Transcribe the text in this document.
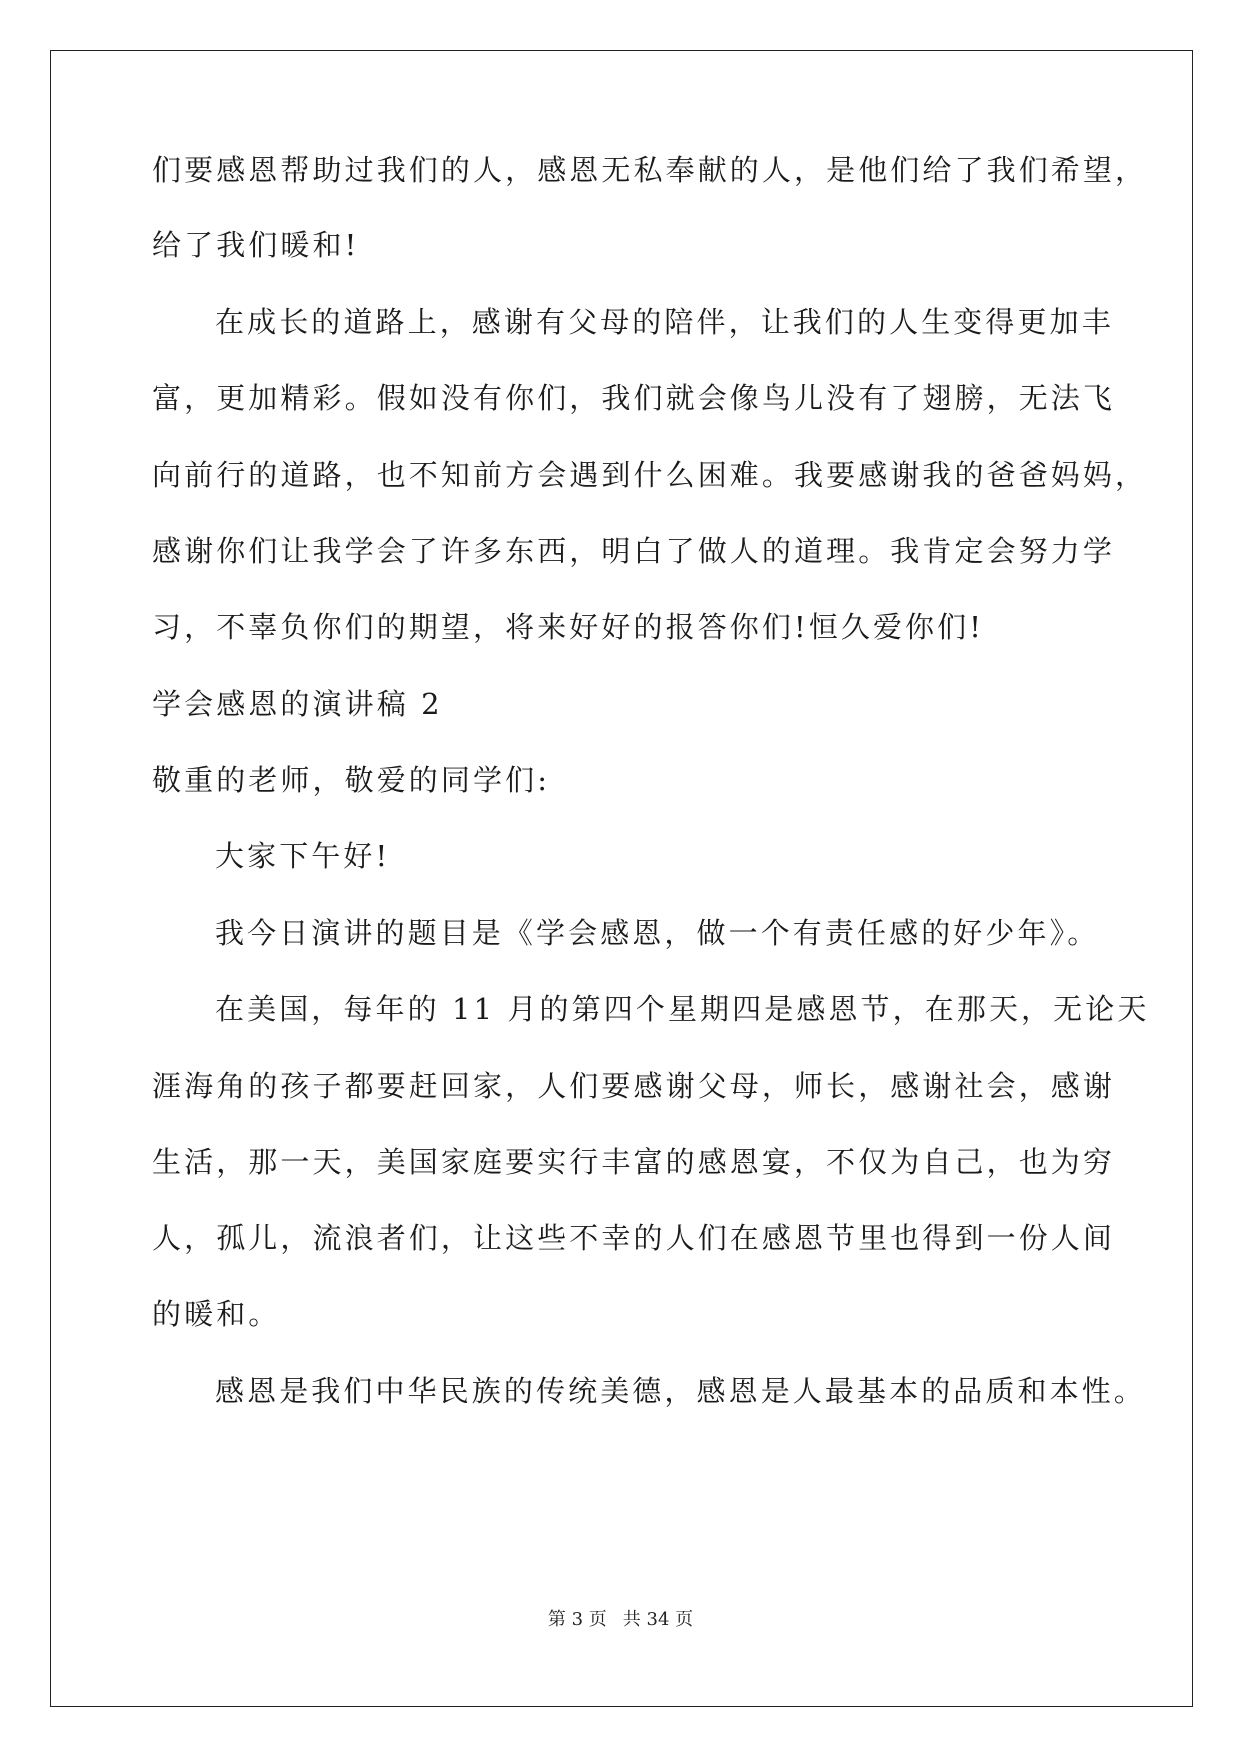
们要感恩帮助过我们的人，感恩无私奉献的人，是他们给了我们希望，
给了我们暖和!
在成长的道路上，感谢有父母的陪伴，让我们的人生变得更加丰
富，更加精彩。假如没有你们，我们就会像鸟儿没有了翅膀，无法飞
向前行的道路，也不知前方会遇到什么困难。我要感谢我的爸爸妈妈，
感谢你们让我学会了许多东西，明白了做人的道理。我肯定会努力学
习，不辜负你们的期望，将来好好的报答你们!恒久爱你们!
学会感恩的演讲稿 2
敬重的老师，敬爱的同学们:
大家下午好!
我今日演讲的题目是《学会感恩，做一个有责任感的好少年》。
在美国，每年的 11 月的第四个星期四是感恩节，在那天，无论天
涯海角的孩子都要赶回家，人们要感谢父母，师长，感谢社会，感谢
生活，那一天，美国家庭要实行丰富的感恩宴，不仅为自己，也为穷
人，孤儿，流浪者们，让这些不幸的人们在感恩节里也得到一份人间
的暖和。
感恩是我们中华民族的传统美德，感恩是人最基本的品质和本性。
第 3 页 共 34 页
